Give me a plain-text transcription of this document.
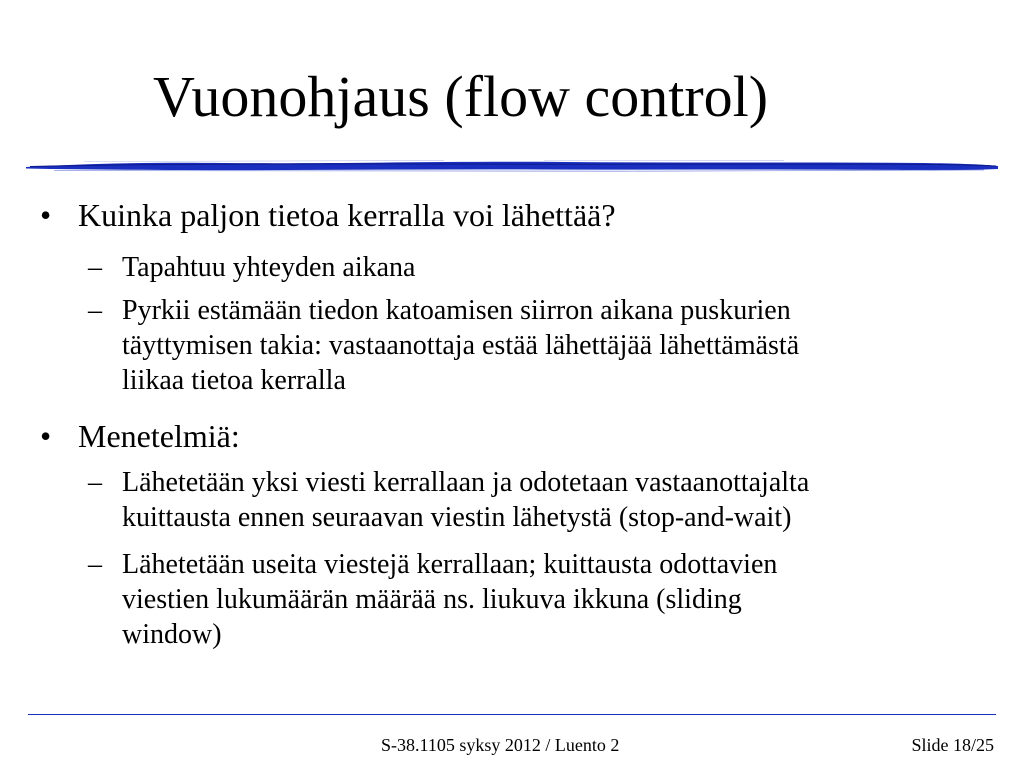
Vuonohjaus (flow control)
• Kuinka paljon tietoa kerralla voi lähettää?
– Tapahtuu yhteyden aikana
– Pyrkii estämään tiedon katoamisen siirron aikana puskurien
täyttymisen takia: vastaanottaja estää lähettäjää lähettämästä
liikaa tietoa kerralla
• Menetelmiä:
– Lähetetään yksi viesti kerrallaan ja odotetaan vastaanottajalta
kuittausta ennen seuraavan viestin lähetystä (stop-and-wait)
– Lähetetään useita viestejä kerrallaan; kuittausta odottavien
viestien lukumäärän määrää ns. liukuva ikkuna (sliding
window)
S-38.1105 syksy 2012 / Luento 2	Slide 18/25
